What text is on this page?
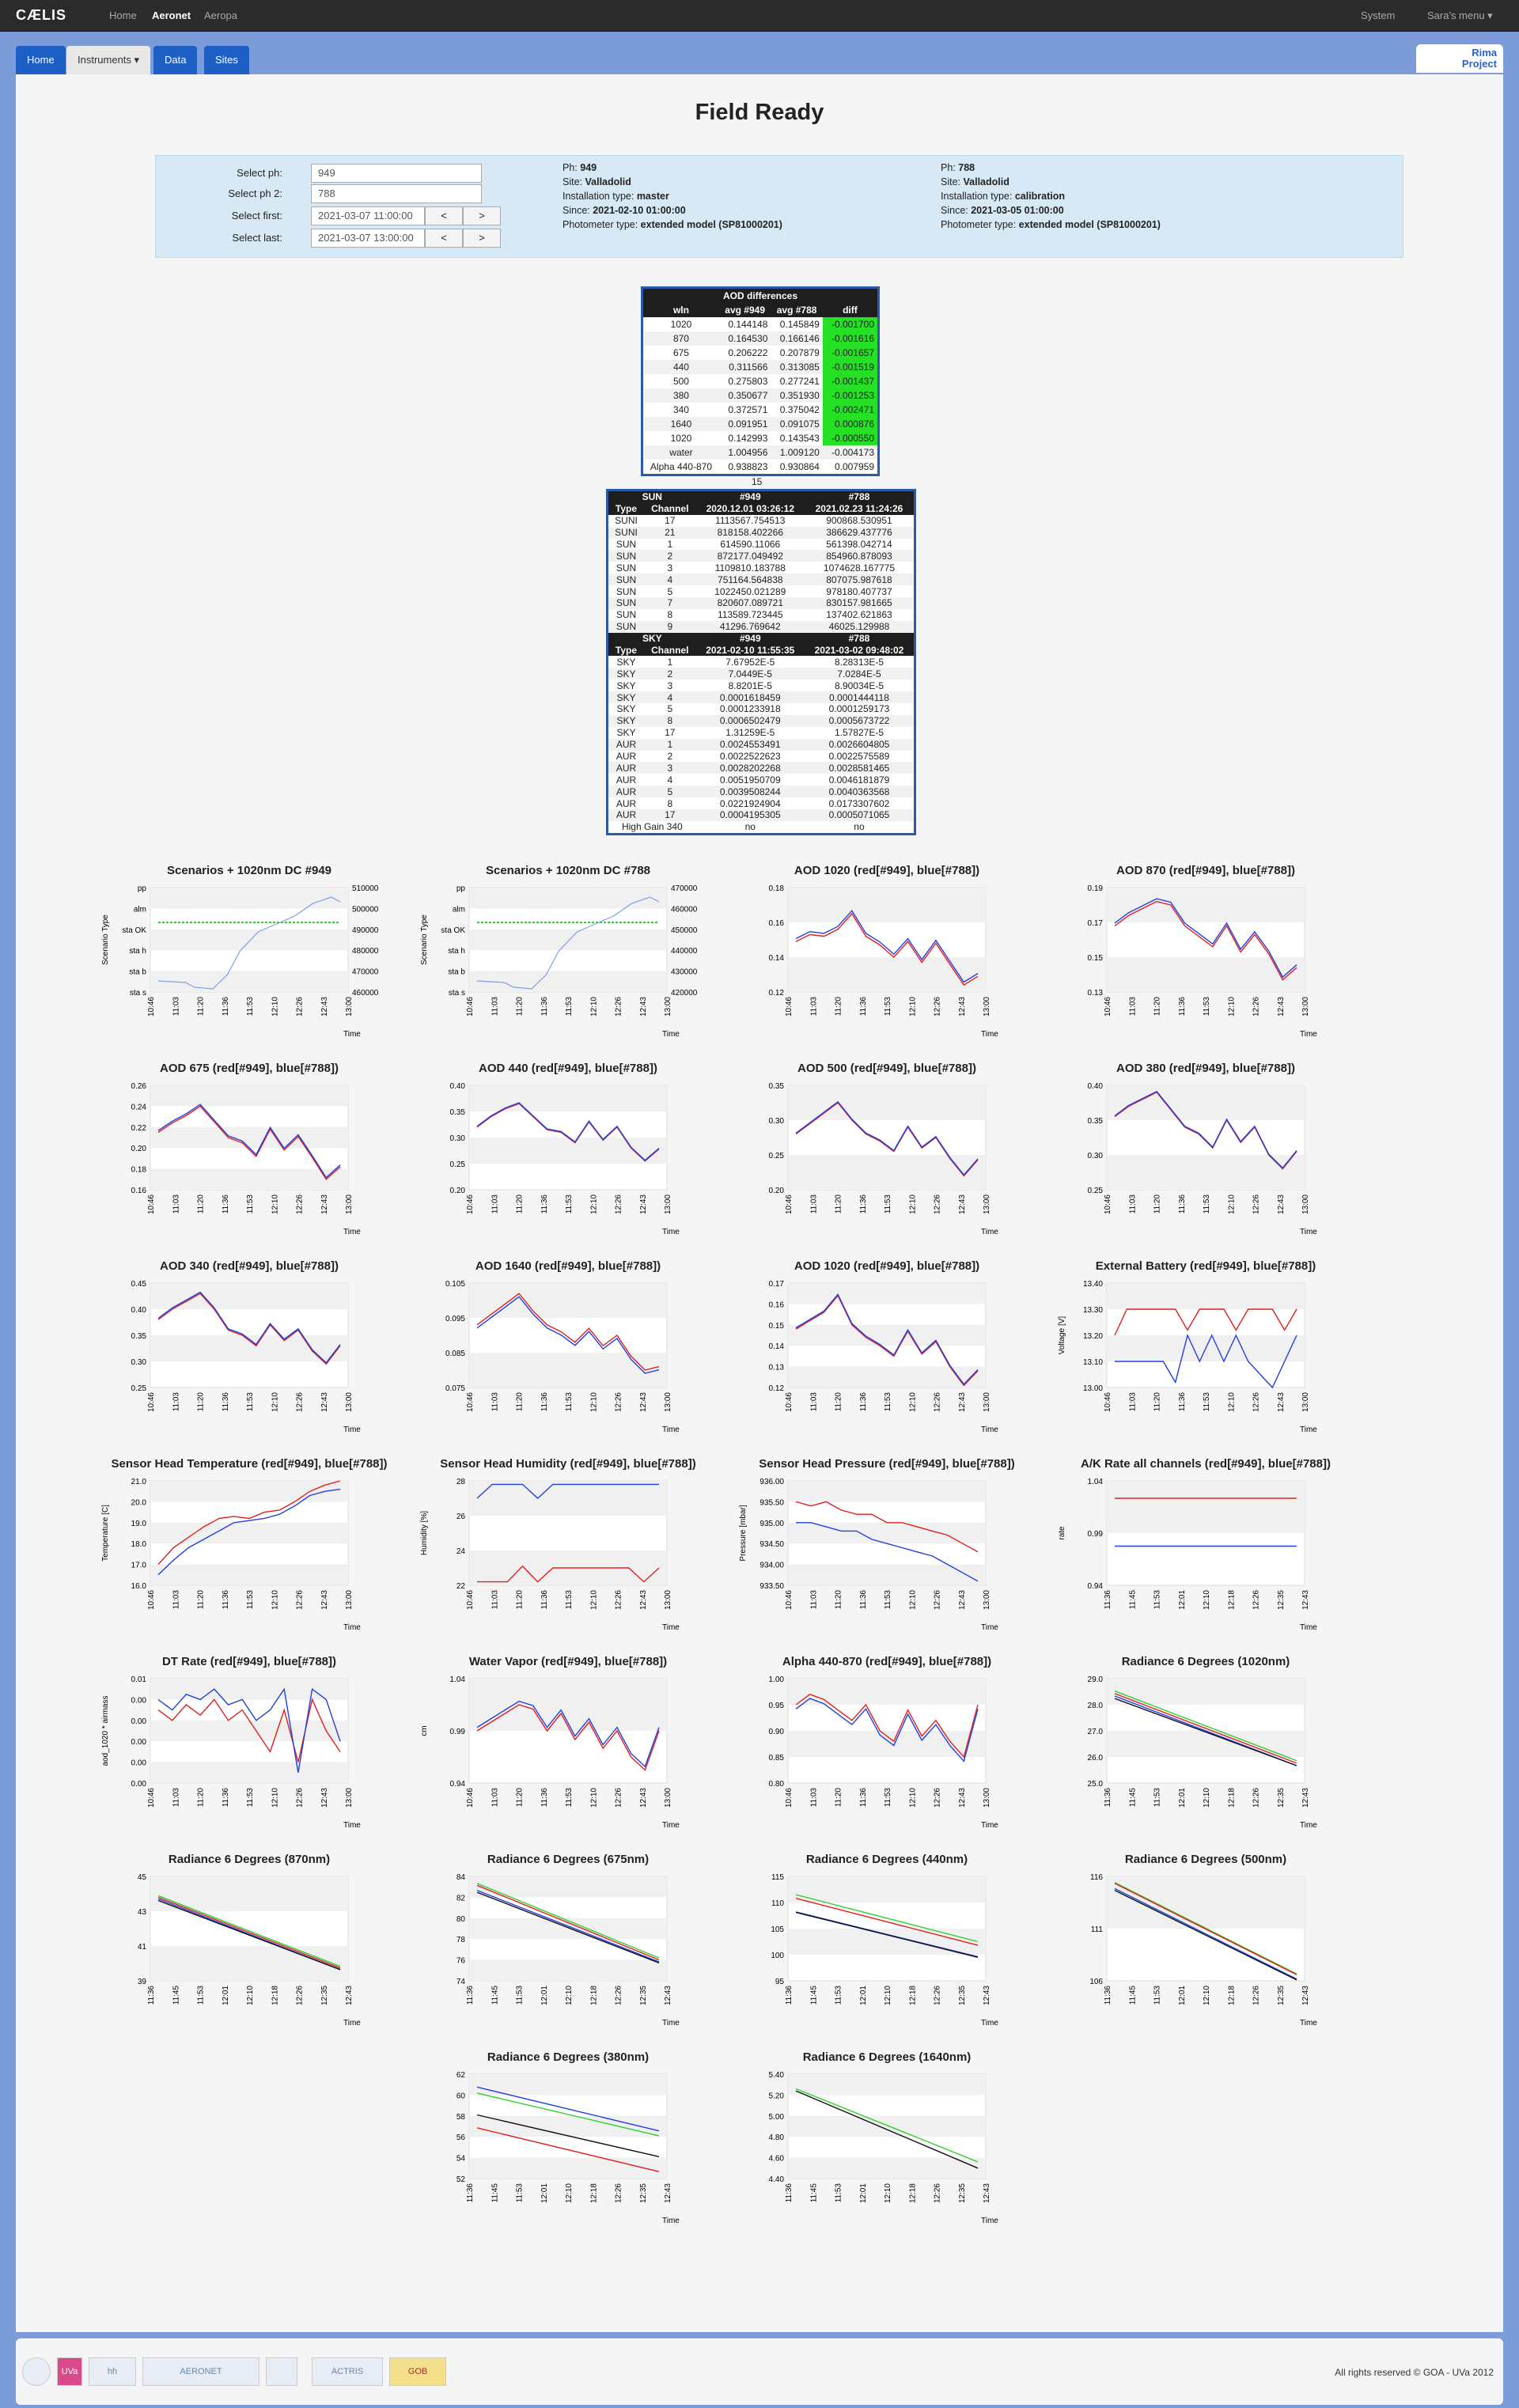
CÆLIS	Home Aeronet Aeropa	System	Sara's menu ▾
Home	Instruments ▾	Data	Sites
Rima
Project
Field Ready
Select ph:	949
Select ph 2:	788
Select first:	2021-03-07 11:00:00	<	>
Select last:	2021-03-07 13:00:00	<	>
Ph: 949
Site: Valladolid
Installation type: master
Since: 2021-02-10 01:00:00
Photometer type: extended model (SP81000201)
Ph: 788
Site: Valladolid
Installation type: calibration
Since: 2021-03-05 01:00:00
Photometer type: extended model (SP81000201)
AOD differences			
wln	avg #949	avg #788	diff
1020	0.144148	0.145849	-0.001700
870	0.164530	0.166146	-0.001616
675	0.206222	0.207879	-0.001657
440	0.311566	0.313085	-0.001519
500	0.275803	0.277241	-0.001437
380	0.350677	0.351930	-0.001253
340	0.372571	0.375042	-0.002471
1640	0.091951	0.091075	0.000876
1020	0.142993	0.143543	-0.000550
water	1.004956	1.009120	-0.004173
Alpha 440-870	0.938823	0.930864	0.007959
15
SUN		#949	#788
Type	Channel	2020.12.01 03:26:12	2021.02.23 11:24:26
SUNI	17	1113567.754513	900868.530951
SUNI	21	818158.402266	386629.437776
SUN	1	614590.11066	561398.042714
SUN	2	872177.049492	854960.878093
SUN	3	1109810.183788	1074628.167775
SUN	4	751164.564838	807075.987618
SUN	5	1022450.021289	978180.407737
SUN	7	820607.089721	830157.981665
SUN	8	113589.723445	137402.621863
SUN	9	41296.769642	46025.129988
SKY		#949	#788
Type	Channel	2021-02-10 11:55:35	2021-03-02 09:48:02
SKY	1	7.67952E-5	8.28313E-5
SKY	2	7.0449E-5	7.0284E-5
SKY	3	8.8201E-5	8.90034E-5
SKY	4	0.0001618459	0.0001444118
SKY	5	0.0001233918	0.0001259173
SKY	8	0.0006502479	0.0005673722
SKY	17	1.31259E-5	1.57827E-5
AUR	1	0.0024553491	0.0026604805
AUR	2	0.0022522623	0.0022575589
AUR	3	0.0028202268	0.0028581465
AUR	4	0.0051950709	0.0046181879
AUR	5	0.0039508244	0.0040363568
AUR	8	0.0221924904	0.0173307602
AUR	17	0.0004195305	0.0005071065
High Gain 340		no	no
Scenarios + 1020nm DC #949
pp
alm
sta OK
sta h
sta b
sta s
510000
500000
490000
480000
470000
460000
Scenario Type
10:46 11:03 11:20 11:36 11:53 12:10 12:26 12:43 13:00
Time
Scenarios + 1020nm DC #788
pp
alm
sta OK
sta h
sta b
sta s
470000
460000
450000
440000
430000
420000
Scenario Type
10:46 11:03 11:20 11:36 11:53 12:10 12:26 12:43 13:00
Time
AOD 1020 (red[#949], blue[#788])
0.18
0.16
0.14
0.12
10:46 11:03 11:20 11:36 11:53 12:10 12:26 12:43 13:00
Time
AOD 870 (red[#949], blue[#788])
0.19
0.17
0.15
0.13
10:46 11:03 11:20 11:36 11:53 12:10 12:26 12:43 13:00
Time
AOD 675 (red[#949], blue[#788])
0.26
0.24
0.22
0.20
0.18
0.16
10:46 11:03 11:20 11:36 11:53 12:10 12:26 12:43 13:00
Time
AOD 440 (red[#949], blue[#788])
0.40
0.35
0.30
0.25
0.20
10:46 11:03 11:20 11:36 11:53 12:10 12:26 12:43 13:00
Time
AOD 500 (red[#949], blue[#788])
0.35
0.30
0.25
0.20
10:46 11:03 11:20 11:36 11:53 12:10 12:26 12:43 13:00
Time
AOD 380 (red[#949], blue[#788])
0.40
0.35
0.30
0.25
10:46 11:03 11:20 11:36 11:53 12:10 12:26 12:43 13:00
Time
AOD 340 (red[#949], blue[#788])
0.45
0.40
0.35
0.30
0.25
10:46 11:03 11:20 11:36 11:53 12:10 12:26 12:43 13:00
Time
AOD 1640 (red[#949], blue[#788])
0.105
0.095
0.085
0.075
10:46 11:03 11:20 11:36 11:53 12:10 12:26 12:43 13:00
Time
AOD 1020 (red[#949], blue[#788])
0.17
0.16
0.15
0.14
0.13
0.12
10:46 11:03 11:20 11:36 11:53 12:10 12:26 12:43 13:00
Time
External Battery (red[#949], blue[#788])
13.40
13.30
13.20
13.10
13.00
Voltage [V]
10:46 11:03 11:20 11:36 11:53 12:10 12:26 12:43 13:00
Time
Sensor Head Temperature (red[#949], blue[#788])
21.0
20.0
19.0
18.0
17.0
16.0
Temperature [C]
10:46 11:03 11:20 11:36 11:53 12:10 12:26 12:43 13:00
Time
Sensor Head Humidity (red[#949], blue[#788])
28
26
24
22
Humidity [%]
10:46 11:03 11:20 11:36 11:53 12:10 12:26 12:43 13:00
Time
Sensor Head Pressure (red[#949], blue[#788])
936.00
935.50
935.00
934.50
934.00
933.50
Pressure [mbar]
10:46 11:03 11:20 11:36 11:53 12:10 12:26 12:43 13:00
Time
A/K Rate all channels (red[#949], blue[#788])
1.04
0.99
0.94
rate
11:36 11:45 11:53 12:01 12:10 12:18 12:26 12:35 12:43
Time
DT Rate (red[#949], blue[#788])
0.01
0.00
0.00
0.00
0.00
0.00
aod_1020 * airmass
10:46 11:03 11:20 11:36 11:53 12:10 12:26 12:43 13:00
Time
Water Vapor (red[#949], blue[#788])
1.04
0.99
0.94
cm
10:46 11:03 11:20 11:36 11:53 12:10 12:26 12:43 13:00
Time
Alpha 440-870 (red[#949], blue[#788])
1.00
0.95
0.90
0.85
0.80
10:46 11:03 11:20 11:36 11:53 12:10 12:26 12:43 13:00
Time
Radiance 6 Degrees (1020nm)
29.0
28.0
27.0
26.0
25.0
11:36 11:45 11:53 12:01 12:10 12:18 12:26 12:35 12:43
Time
Radiance 6 Degrees (870nm)
45
43
41
39
11:36 11:45 11:53 12:01 12:10 12:18 12:26 12:35 12:43
Time
Radiance 6 Degrees (675nm)
84
82
80
78
76
74
11:36 11:45 11:53 12:01 12:10 12:18 12:26 12:35 12:43
Time
Radiance 6 Degrees (440nm)
115
110
105
100
95
11:36 11:45 11:53 12:01 12:10 12:18 12:26 12:35 12:43
Time
Radiance 6 Degrees (500nm)
116
111
106
11:36 11:45 11:53 12:01 12:10 12:18 12:26 12:35 12:43
Time
Radiance 6 Degrees (380nm)
62
60
58
56
54
52
11:36 11:45 11:53 12:01 12:10 12:18 12:26 12:35 12:43
Time
Radiance 6 Degrees (1640nm)
5.40
5.20
5.00
4.80
4.60
4.40
11:36 11:45 11:53 12:01 12:10 12:18 12:26 12:35 12:43
Time
UVa	hh	AERONET	ACTRIS	GOB	All rights reserved © GOA - UVa 2012
